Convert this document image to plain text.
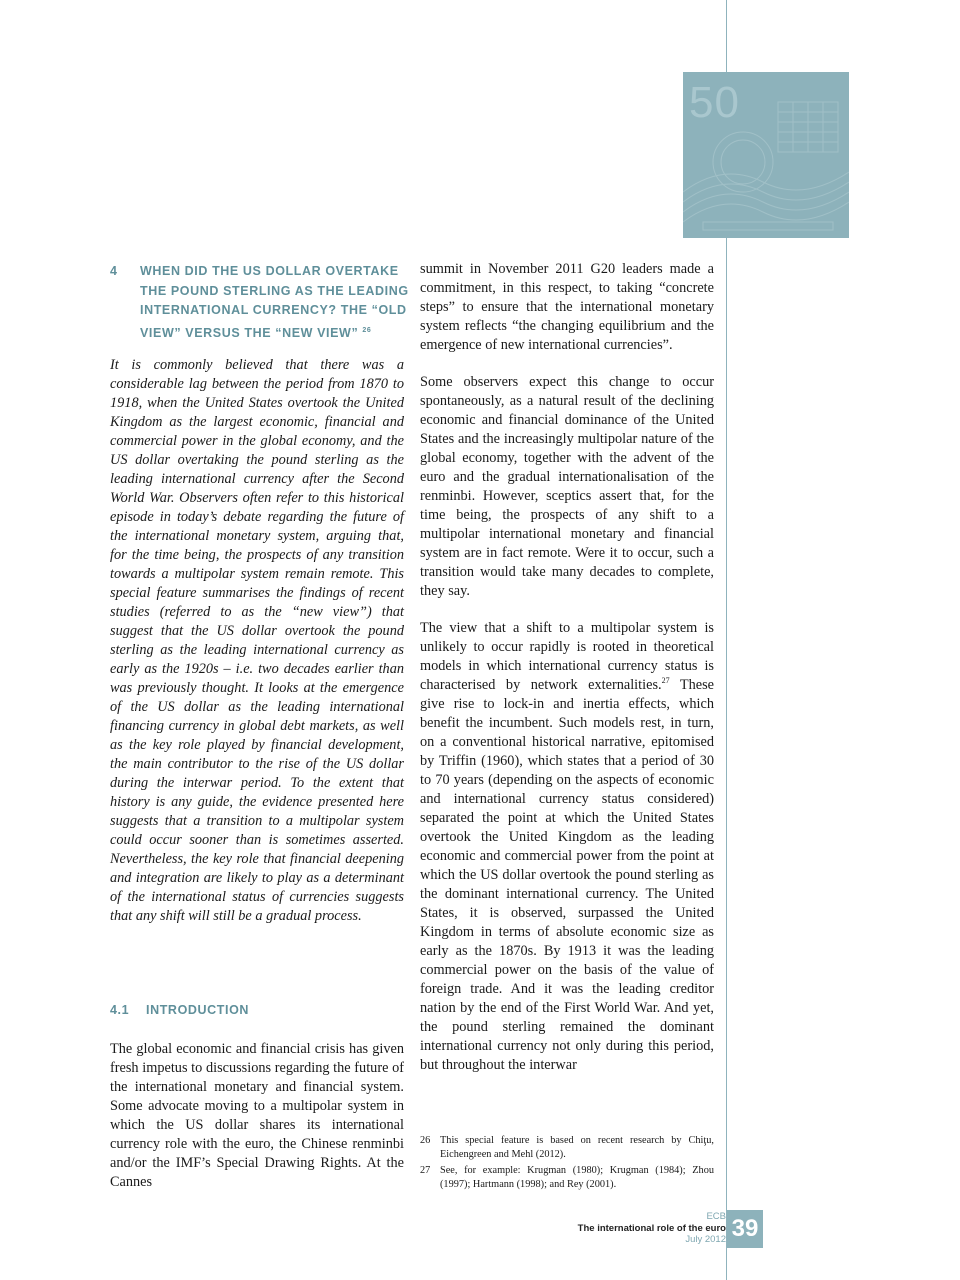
50
4 WHEN DID THE US DOLLAR OVERTAKE THE POUND STERLING AS THE LEADING INTERNATIONAL CURRENCY? THE “OLD VIEW” VERSUS THE “NEW VIEW” $^{26}$

It is commonly believed that there was a considerable lag between the period from 1870 to 1918, when the United States overtook the United Kingdom as the largest economic, financial and commercial power in the global economy, and the US dollar overtaking the pound sterling as the leading international currency after the Second World War. Observers often refer to this historical episode in today’s debate regarding the future of the international monetary system, arguing that, for the time being, the prospects of any transition towards a multipolar system remain remote. This special feature summarises the findings of recent studies (referred to as the “new view”) that suggest that the US dollar overtook the pound sterling as the leading international currency as early as the 1920s – i.e. two decades earlier than was previously thought. It looks at the emergence of the US dollar as the leading international financing currency in global debt markets, as well as the key role played by financial development, the main contributor to the rise of the US dollar during the interwar period. To the extent that history is any guide, the evidence presented here suggests that a transition to a multipolar system could occur sooner than is sometimes asserted. Nevertheless, the key role that financial deepening and integration are likely to play as a determinant of the international status of currencies suggests that any shift will still be a gradual process.

4.1 INTRODUCTION

The global economic and financial crisis has given fresh impetus to discussions regarding the future of the international monetary and financial system. Some advocate moving to a multipolar system in which the US dollar shares its international currency role with the euro, the Chinese renminbi and/or the IMF’s Special Drawing Rights. At the Cannes

summit in November 2011 G20 leaders made a commitment, in this respect, to taking “concrete steps” to ensure that the international monetary system reflects “the changing equilibrium and the emergence of new international currencies”.

Some observers expect this change to occur spontaneously, as a natural result of the declining economic and financial dominance of the United States and the increasingly multipolar nature of the global economy, together with the advent of the euro and the gradual internationalisation of the renminbi. However, sceptics assert that, for the time being, the prospects of any shift to a multipolar international monetary and financial system are in fact remote. Were it to occur, such a transition would take many decades to complete, they say.

The view that a shift to a multipolar system is unlikely to occur rapidly is rooted in theoretical models in which international currency status is characterised by network externalities.$^{27}$ These give rise to lock-in and inertia effects, which benefit the incumbent. Such models rest, in turn, on a conventional historical narrative, epitomised by Triffin (1960), which states that a period of 30 to 70 years (depending on the aspects of economic and international currency status considered) separated the point at which the United States overtook the United Kingdom as the leading economic and commercial power from the point at which the US dollar overtook the pound sterling as the dominant international currency. The United States, it is observed, surpassed the United Kingdom in terms of absolute economic size as early as the 1870s. By 1913 it was the leading commercial power on the basis of the value of foreign trade. And it was the leading creditor nation by the end of the First World War. And yet, the pound sterling remained the dominant international currency not only during this period, but throughout the interwar

26 This special feature is based on recent research by Chiţu, Eichengreen and Mehl (2012).
27 See, for example: Krugman (1980); Krugman (1984); Zhou (1997); Hartmann (1998); and Rey (2001).
ECB
The international role of the euro
July 2012 39
